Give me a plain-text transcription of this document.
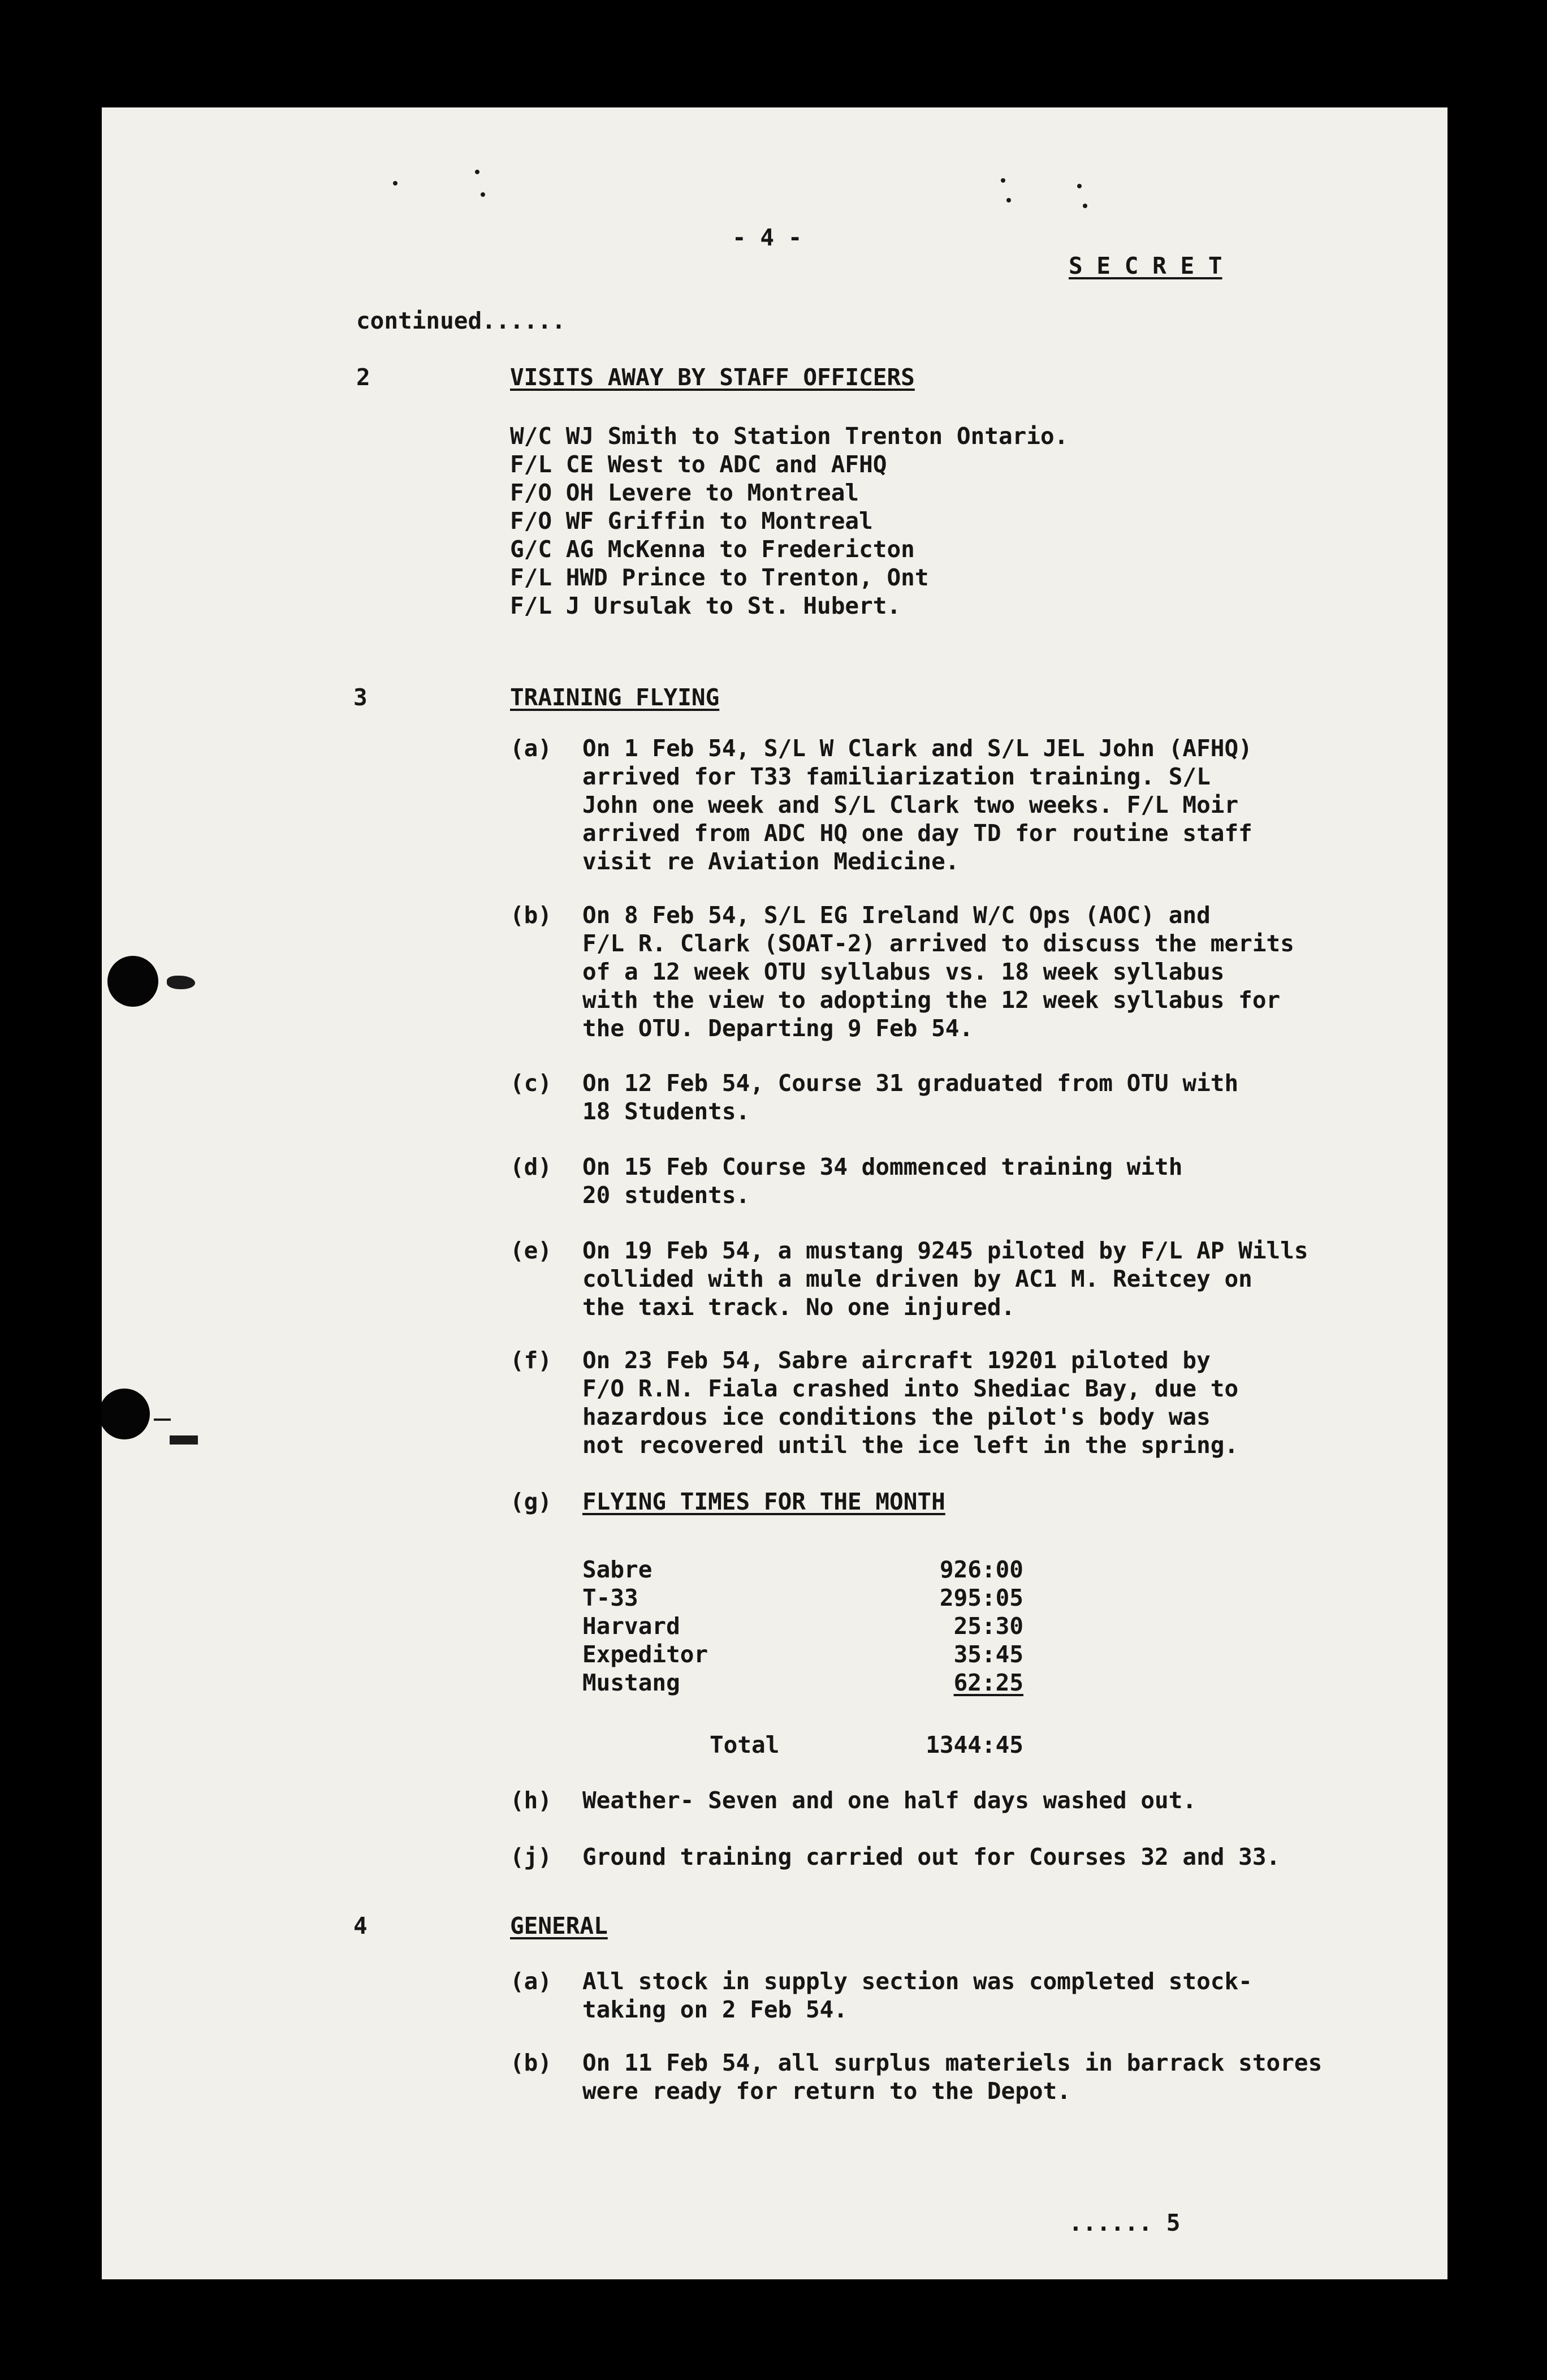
- 4 -
S E C R E T
continued......
2	VISITS AWAY BY STAFF OFFICERS
W/C WJ Smith to Station Trenton Ontario.
F/L CE West to ADC and AFHQ
F/O OH Levere to Montreal
F/O WF Griffin to Montreal
G/C AG McKenna to Fredericton
F/L HWD Prince to Trenton, Ont
F/L J Ursulak to St. Hubert.
3	TRAINING FLYING
(a)	On 1 Feb 54, S/L W Clark and S/L JEL John (AFHQ)
arrived for T33 familiarization training. S/L
John one week and S/L Clark two weeks. F/L Moir
arrived from ADC HQ one day TD for routine staff
visit re Aviation Medicine.
(b)	On 8 Feb 54, S/L EG Ireland W/C Ops (AOC) and
F/L R. Clark (SOAT-2) arrived to discuss the merits
of a 12 week OTU syllabus vs. 18 week syllabus
with the view to adopting the 12 week syllabus for
the OTU. Departing 9 Feb 54.
(c)	On 12 Feb 54, Course 31 graduated from OTU with
18 Students.
(d)	On 15 Feb Course 34 dommenced training with
20 students.
(e)	On 19 Feb 54, a mustang 9245 piloted by F/L AP Wills
collided with a mule driven by AC1 M. Reitcey on
the taxi track. No one injured.
(f)	On 23 Feb 54, Sabre aircraft 19201 piloted by
F/O R.N. Fiala crashed into Shediac Bay, due to
hazardous ice conditions the pilot's body was
not recovered until the ice left in the spring.
(g)	FLYING TIMES FOR THE MONTH
Sabre	926:00
T-33	295:05
Harvard	25:30
Expeditor	35:45
Mustang	62:25
Total	1344:45
(h)	Weather- Seven and one half days washed out.
(j)	Ground training carried out for Courses 32 and 33.
4	GENERAL
(a)	All stock in supply section was completed stock-
taking on 2 Feb 54.
(b)	On 11 Feb 54, all surplus materiels in barrack stores
were ready for return to the Depot.
...... 5
